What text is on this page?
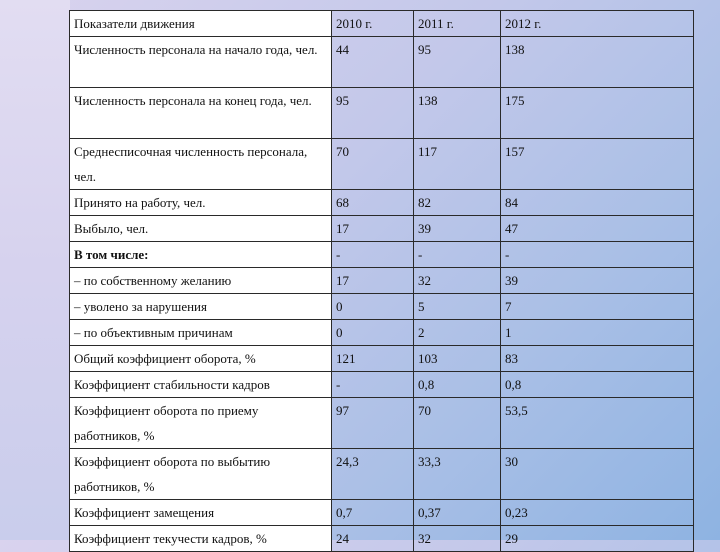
Показатели движения	2010 г.	2011 г.	2012 г.
Численность персонала на начало года, чел.	44	95	138
Численность персонала на конец года, чел.	95	138	175
Среднесписочная численность персонала, чел.	70	117	157
Принято на работу, чел.	68	82	84
Выбыло, чел.	17	39	47
В том числе:	-	-	-
– по собственному желанию	17	32	39
– уволено за нарушения	0	5	7
– по объективным причинам	0	2	1
Общий коэффициент оборота, %	121	103	83
Коэффициент стабильности кадров	-	0,8	0,8
Коэффициент оборота по приему работников, %	97	70	53,5
Коэффициент оборота по выбытию работников, %	24,3	33,3	30
Коэффициент замещения	0,7	0,37	0,23
Коэффициент текучести кадров, %	24	32	29
